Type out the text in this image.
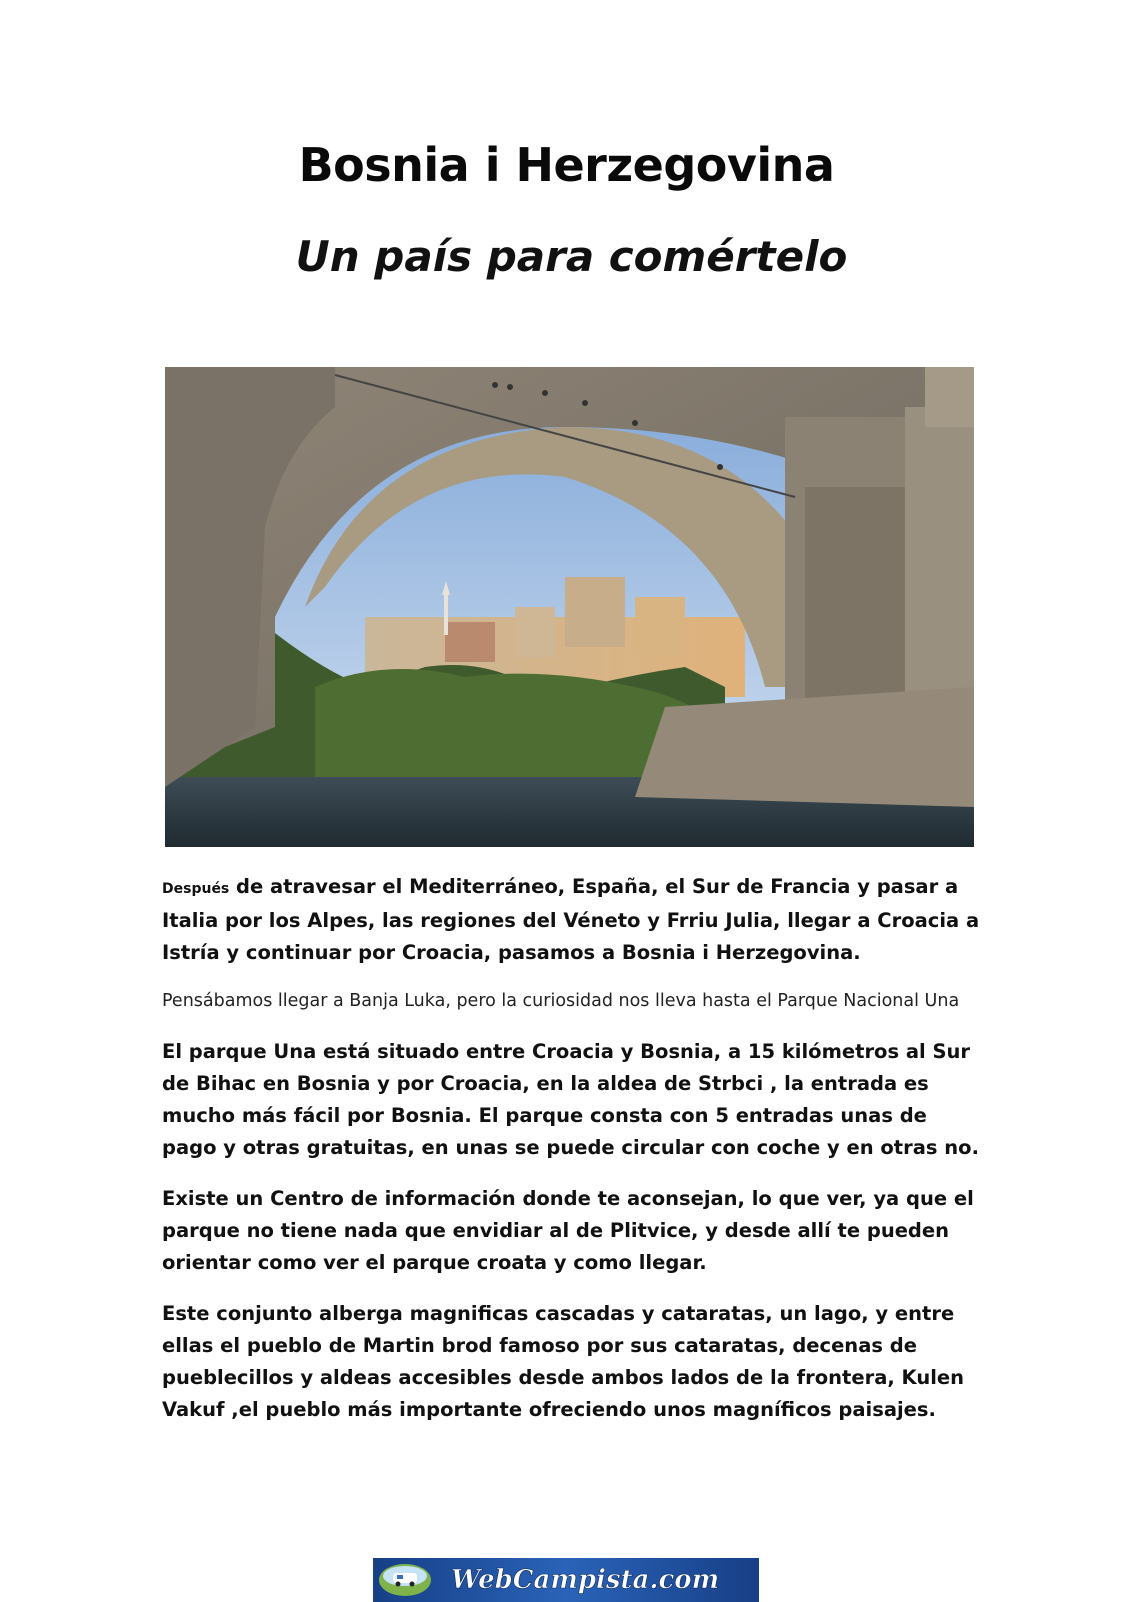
Bosnia i Herzegovina
Un país para comértelo

Después de atravesar el Mediterráneo, España, el Sur de Francia y pasar a Italia por los Alpes, las regiones del Véneto y Frriu Julia, llegar a Croacia a Istría y continuar por Croacia, pasamos a Bosnia i Herzegovina.

Pensábamos llegar a Banja Luka, pero la curiosidad nos lleva hasta el Parque Nacional Una

El parque Una está situado entre Croacia y Bosnia, a 15 kilómetros al Sur de Bihac en Bosnia y por Croacia, en la aldea de Strbci , la entrada es mucho más fácil por Bosnia. El parque consta con 5 entradas unas de pago y otras gratuitas, en unas se puede circular con coche y en otras no.

Existe un Centro de información donde te aconsejan, lo que ver, ya que el parque no tiene nada que envidiar al de Plitvice, y desde allí te pueden orientar como ver el parque croata y como llegar.

Este conjunto alberga magnificas cascadas y cataratas, un lago, y entre ellas el pueblo de Martin brod famoso por sus cataratas, decenas de pueblecillos y aldeas accesibles desde ambos lados de la frontera, Kulen Vakuf ,el pueblo más importante ofreciendo unos magníficos paisajes.

WebCampista.com
